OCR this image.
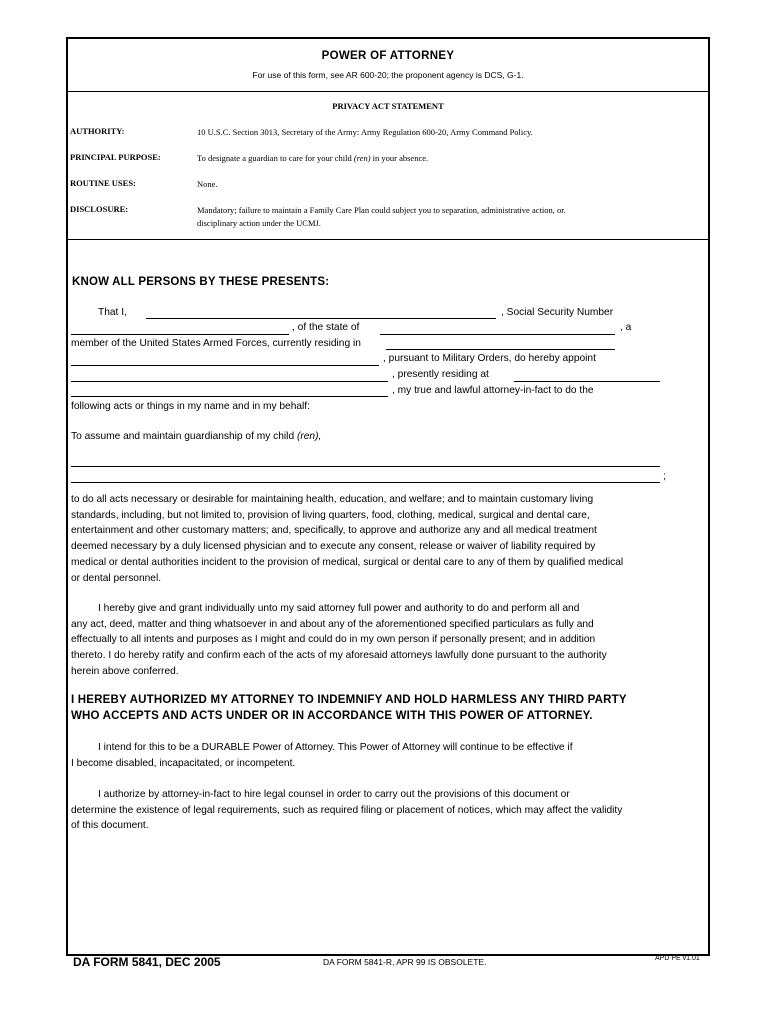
POWER OF ATTORNEY
For use of this form, see AR 600-20; the proponent agency is DCS, G-1.
PRIVACY ACT STATEMENT
AUTHORITY:	10 U.S.C. Section 3013, Secretary of the Army: Army Regulation 600-20, Army Command Policy.
PRINCIPAL PURPOSE:	To designate a guardian to care for your child (ren) in your absence.
ROUTINE USES:	None.
DISCLOSURE:	Mandatory; failure to maintain a Family Care Plan could subject you to separation, administrative action, or.
disciplinary action under the UCMJ.
KNOW ALL PERSONS BY THESE PRESENTS:
That I,	, Social Security Number
, of the state of	, a
member of the United States Armed Forces, currently residing in
, pursuant to Military Orders, do hereby appoint
, presently residing at
, my true and lawful attorney-in-fact to do the
following acts or things in my name and in my behalf:
To assume and maintain guardianship of my child (ren),
;
to do all acts necessary or desirable for maintaining health, education, and welfare; and to maintain customary living
standards, including, but not limited to, provision of living quarters, food, clothing, medical, surgical and dental care,
entertainment and other customary matters; and, specifically, to approve and authorize any and all medical treatment
deemed necessary by a duly licensed physician and to execute any consent, release or waiver of liability required by
medical or dental authorities incident to the provision of medical, surgical or dental care to any of them by qualified medical
or dental personnel.
I hereby give and grant individually unto my said attorney full power and authority to do and perform all and
any act, deed, matter and thing whatsoever in and about any of the aforementioned specified particulars as fully and
effectually to all intents and purposes as I might and could do in my own person if personally present; and in addition
thereto. I do hereby ratify and confirm each of the acts of my aforesaid attorneys lawfully done pursuant to the authority
herein above conferred.
I HEREBY AUTHORIZED MY ATTORNEY TO INDEMNIFY AND HOLD HARMLESS ANY THIRD PARTY
WHO ACCEPTS AND ACTS UNDER OR IN ACCORDANCE WITH THIS POWER OF ATTORNEY.
I intend for this to be a DURABLE Power of Attorney. This Power of Attorney will continue to be effective if
I become disabled, incapacitated, or incompetent.
I authorize by attorney-in-fact to hire legal counsel in order to carry out the provisions of this document or
determine the existence of legal requirements, such as required filing or placement of notices, which may affect the validity
of this document.
DA FORM 5841, DEC 2005	DA FORM 5841-R, APR 99 IS OBSOLETE.	APD PE v1.01
